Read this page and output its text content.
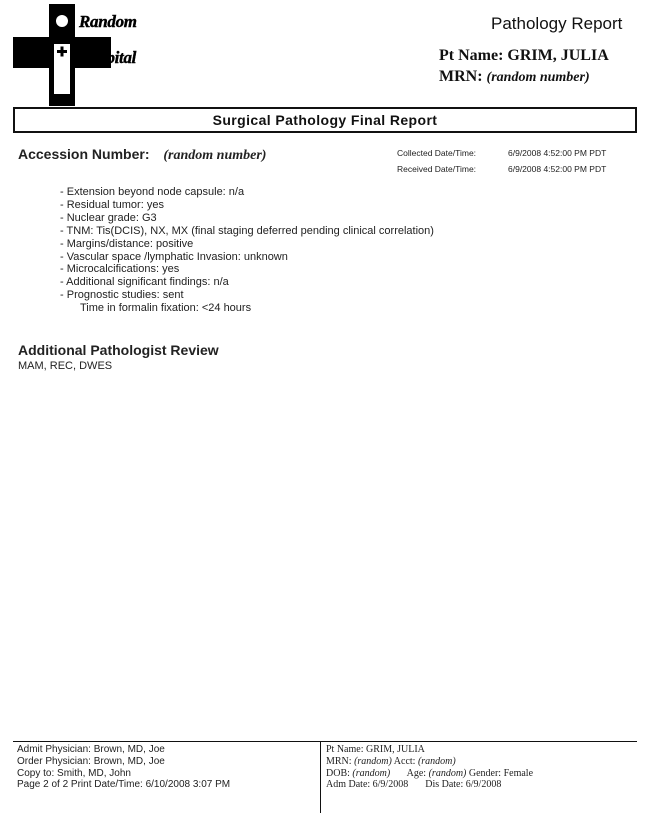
Random
Hospital
Pathology Report
Pt Name: GRIM, JULIA
MRN: (random number)
Surgical Pathology Final Report
Accession Number: (random number)	Collected Date/Time:	6/9/2008 4:52:00 PM PDT
Received Date/Time:	6/9/2008 4:52:00 PM PDT
- Extension beyond node capsule: n/a
- Residual tumor: yes
- Nuclear grade: G3
- TNM: Tis(DCIS), NX, MX (final staging deferred pending clinical correlation)
- Margins/distance: positive
- Vascular space /lymphatic Invasion: unknown
- Microcalcifications: yes
- Additional significant findings: n/a
- Prognostic studies: sent
Time in formalin fixation: <24 hours
Additional Pathologist Review
MAM, REC, DWES
Admit Physician: Brown, MD, Joe
Order Physician: Brown, MD, Joe
Copy to: Smith, MD, John
Page 2 of 2 Print Date/Time: 6/10/2008 3:07 PM
Pt Name: GRIM, JULIA
MRN: (random) Acct: (random)
DOB: (random) Age: (random) Gender: Female
Adm Date: 6/9/2008 Dis Date: 6/9/2008
